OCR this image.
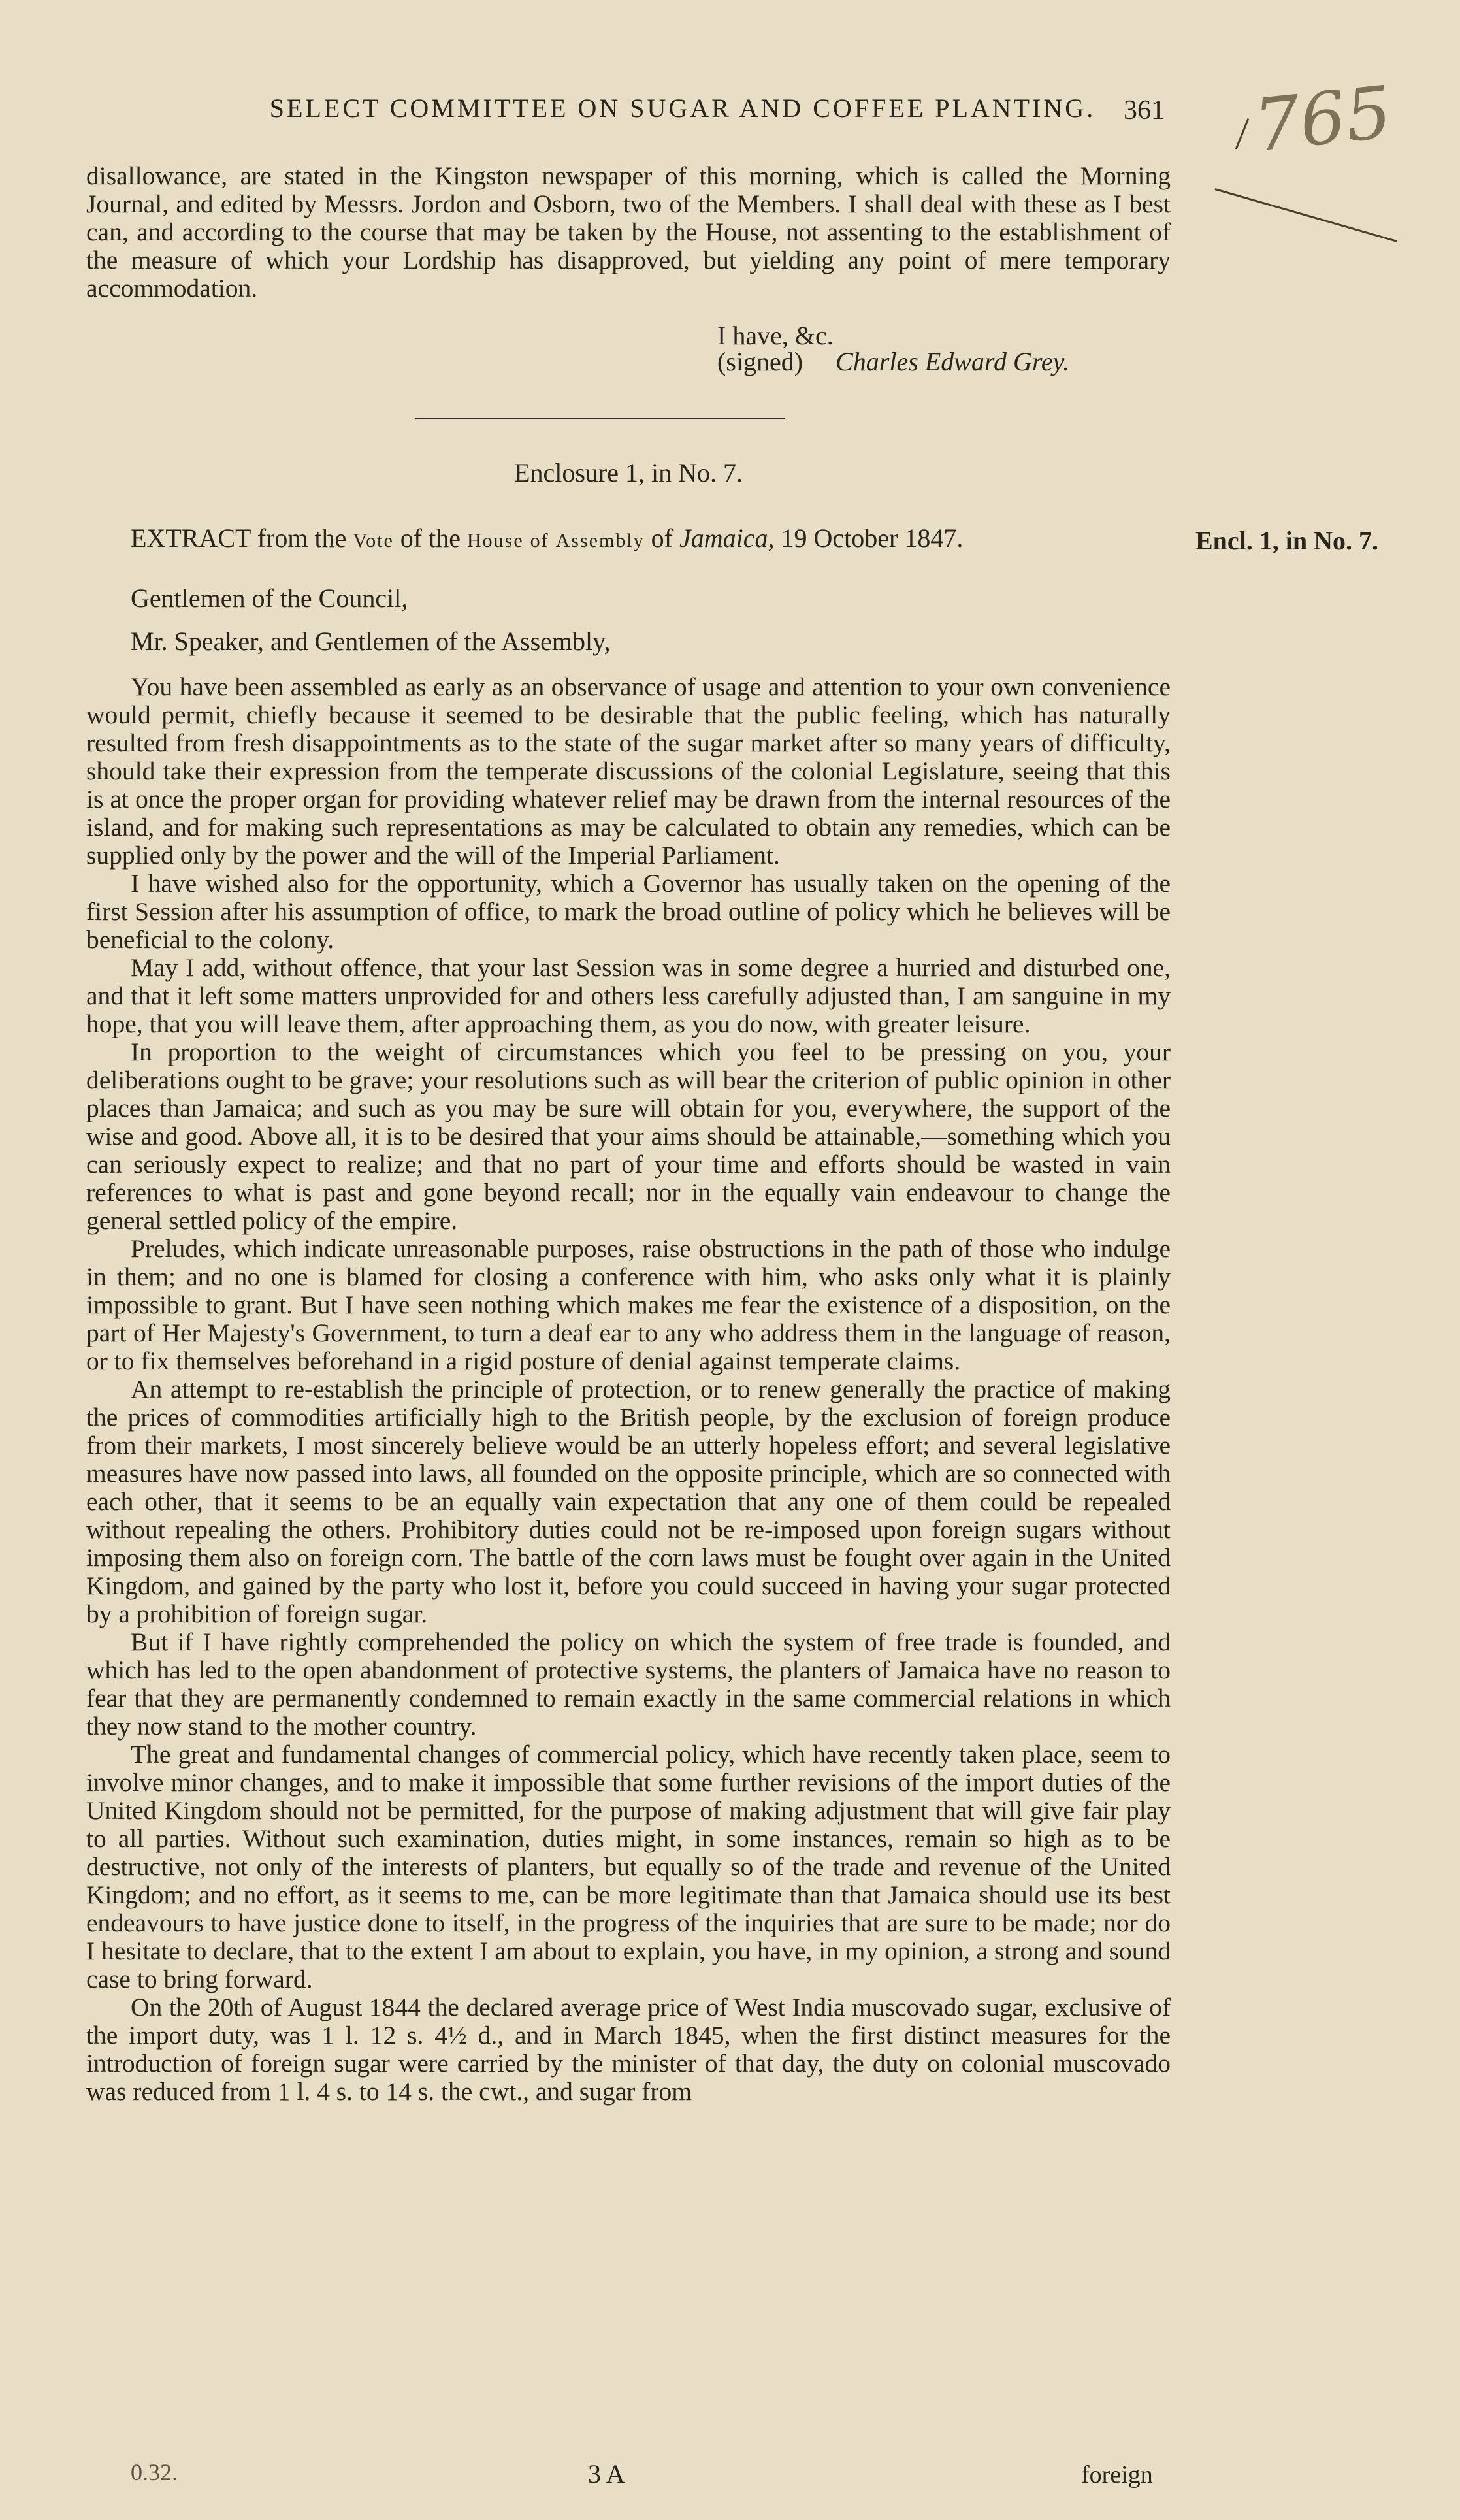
SELECT COMMITTEE ON SUGAR AND COFFEE PLANTING.	361 765

disallowance, are stated in the Kingston newspaper of this morning, which is called the Morning Journal, and edited by Messrs. Jordon and Osborn, two of the Members. I shall deal with these as I best can, and according to the course that may be taken by the House, not assenting to the establishment of the measure of which your Lordship has disapproved, but yielding any point of mere temporary accommodation.

I have, &c.
(signed) Charles Edward Grey.
Enclosure 1, in No. 7.
EXTRACT from the Vote of the House of Assembly of Jamaica, 19 October 1847.	Encl. 1, in No. 7.
Gentlemen of the Council,
Mr. Speaker, and Gentlemen of the Assembly,

You have been assembled as early as an observance of usage and attention to your own convenience would permit, chiefly because it seemed to be desirable that the public feeling, which has naturally resulted from fresh disappointments as to the state of the sugar market after so many years of difficulty, should take their expression from the temperate discussions of the colonial Legislature, seeing that this is at once the proper organ for providing whatever relief may be drawn from the internal resources of the island, and for making such representations as may be calculated to obtain any remedies, which can be supplied only by the power and the will of the Imperial Parliament.

I have wished also for the opportunity, which a Governor has usually taken on the opening of the first Session after his assumption of office, to mark the broad outline of policy which he believes will be beneficial to the colony.

May I add, without offence, that your last Session was in some degree a hurried and disturbed one, and that it left some matters unprovided for and others less carefully adjusted than, I am sanguine in my hope, that you will leave them, after approaching them, as you do now, with greater leisure.

In proportion to the weight of circumstances which you feel to be pressing on you, your deliberations ought to be grave; your resolutions such as will bear the criterion of public opinion in other places than Jamaica; and such as you may be sure will obtain for you, everywhere, the support of the wise and good. Above all, it is to be desired that your aims should be attainable,—something which you can seriously expect to realize; and that no part of your time and efforts should be wasted in vain references to what is past and gone beyond recall; nor in the equally vain endeavour to change the general settled policy of the empire.

Preludes, which indicate unreasonable purposes, raise obstructions in the path of those who indulge in them; and no one is blamed for closing a conference with him, who asks only what it is plainly impossible to grant. But I have seen nothing which makes me fear the existence of a disposition, on the part of Her Majesty's Government, to turn a deaf ear to any who address them in the language of reason, or to fix themselves beforehand in a rigid posture of denial against temperate claims.

An attempt to re-establish the principle of protection, or to renew generally the practice of making the prices of commodities artificially high to the British people, by the exclusion of foreign produce from their markets, I most sincerely believe would be an utterly hopeless effort; and several legislative measures have now passed into laws, all founded on the opposite principle, which are so connected with each other, that it seems to be an equally vain expectation that any one of them could be repealed without repealing the others. Prohibitory duties could not be re-imposed upon foreign sugars without imposing them also on foreign corn. The battle of the corn laws must be fought over again in the United Kingdom, and gained by the party who lost it, before you could succeed in having your sugar protected by a prohibition of foreign sugar.

But if I have rightly comprehended the policy on which the system of free trade is founded, and which has led to the open abandonment of protective systems, the planters of Jamaica have no reason to fear that they are permanently condemned to remain exactly in the same commercial relations in which they now stand to the mother country.

The great and fundamental changes of commercial policy, which have recently taken place, seem to involve minor changes, and to make it impossible that some further revisions of the import duties of the United Kingdom should not be permitted, for the purpose of making adjustment that will give fair play to all parties. Without such examination, duties might, in some instances, remain so high as to be destructive, not only of the interests of planters, but equally so of the trade and revenue of the United Kingdom; and no effort, as it seems to me, can be more legitimate than that Jamaica should use its best endeavours to have justice done to itself, in the progress of the inquiries that are sure to be made; nor do I hesitate to declare, that to the extent I am about to explain, you have, in my opinion, a strong and sound case to bring forward.

On the 20th of August 1844 the declared average price of West India muscovado sugar, exclusive of the import duty, was 1 l. 12 s. 4½ d., and in March 1845, when the first distinct measures for the introduction of foreign sugar were carried by the minister of that day, the duty on colonial muscovado was reduced from 1 l. 4 s. to 14 s. the cwt., and sugar from

0.32.	3 A	foreign
